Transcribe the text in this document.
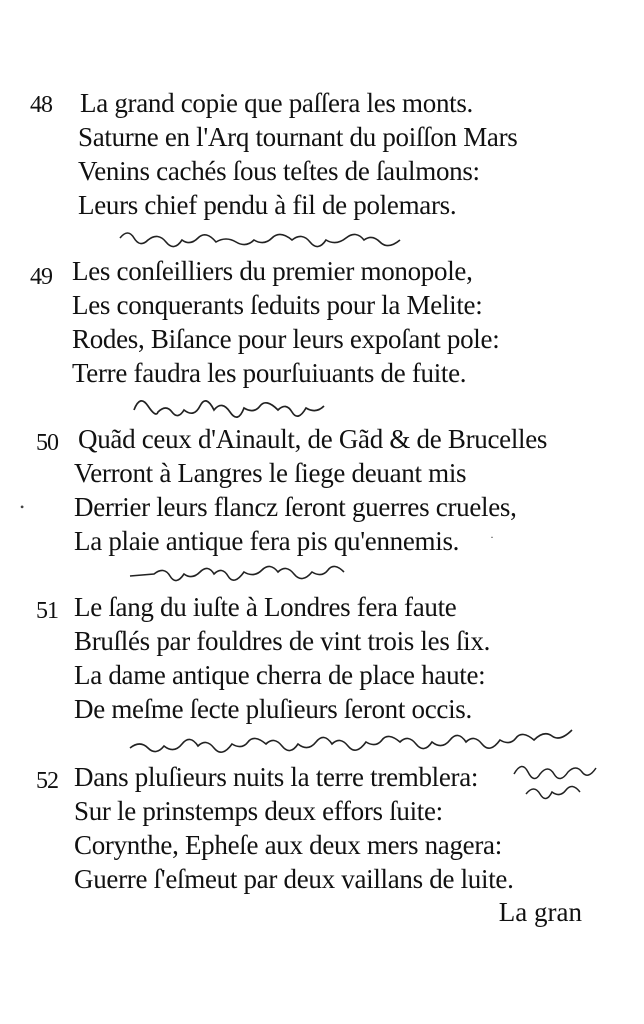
48 La grand copie que paſſera les monts.
Saturne en l'Arq tournant du poiſſon Mars
Venins cachés ſous teſtes de ſaulmons:
Leurs chief pendu à fil de polemars.
49 Les conſeilliers du premier monopole,
Les conquerants ſeduits pour la Melite:
Rodes, Biſance pour leurs expoſant pole:
Terre faudra les pourſuiuants de fuite.
50 Quãd ceux d'Ainault, de Gãd & de Brucelles
Verront à Langres le ſiege deuant mis
Derrier leurs flancz ſeront guerres crueles,
La plaie antique fera pis qu'ennemis.
51 Le ſang du iuſte à Londres fera faute
Bruſlés par fouldres de vint trois les ſix.
La dame antique cherra de place haute:
De meſme ſecte pluſieurs ſeront occis.
52 Dans pluſieurs nuits la terre tremblera:
Sur le prinstemps deux effors ſuite:
Corynthe, Epheſe aux deux mers nagera:
Guerre ſ'eſmeut par deux vaillans de luite.
La gran
•
·
